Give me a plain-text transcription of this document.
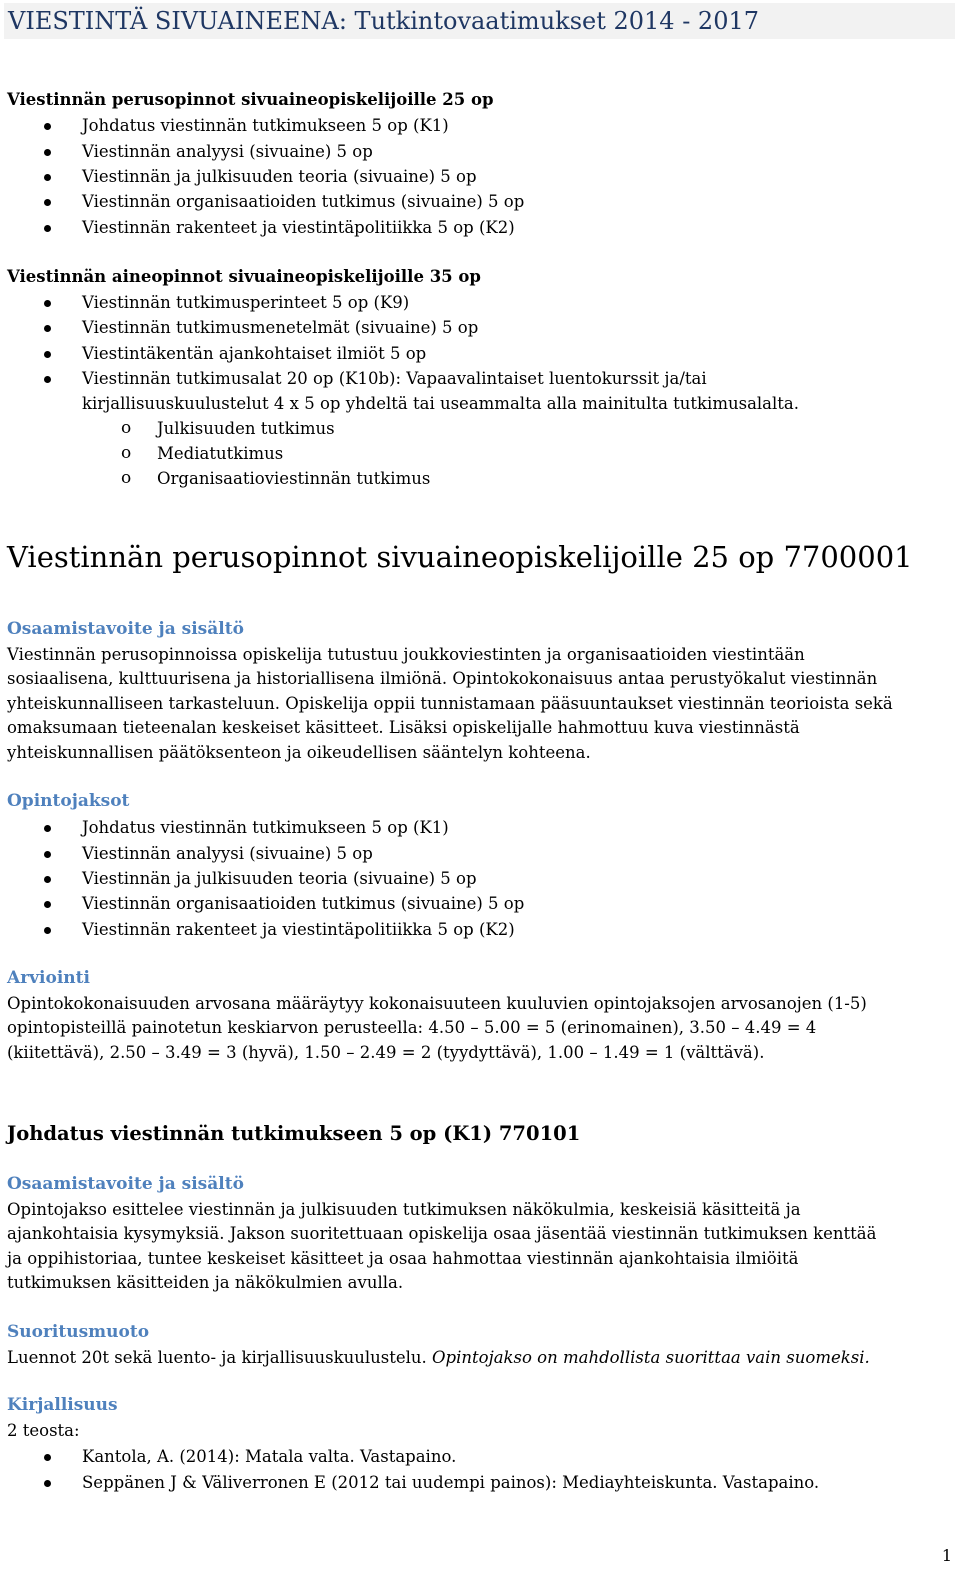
VIESTINTÄ SIVUAINEENA: Tutkintovaatimukset 2014 - 2017
Viestinnän perusopinnot sivuaineopiskelijoille 25 op
Johdatus viestinnän tutkimukseen 5 op (K1)
Viestinnän analyysi (sivuaine) 5 op
Viestinnän ja julkisuuden teoria (sivuaine) 5 op
Viestinnän organisaatioiden tutkimus (sivuaine) 5 op
Viestinnän rakenteet ja viestintäpolitiikka 5 op (K2)
Viestinnän aineopinnot sivuaineopiskelijoille 35 op
Viestinnän tutkimusperinteet 5 op (K9)
Viestinnän tutkimusmenetelmät (sivuaine) 5 op
Viestintäkentän ajankohtaiset ilmiöt 5 op
Viestinnän tutkimusalat 20 op (K10b): Vapaavalintaiset luentokurssit ja/tai
kirjallisuuskuulustelut 4 x 5 op yhdeltä tai useammalta alla mainitulta tutkimusalalta.
o Julkisuuden tutkimus
o Mediatutkimus
o Organisaatioviestinnän tutkimus
Viestinnän perusopinnot sivuaineopiskelijoille 25 op 7700001
Osaamistavoite ja sisältö
Viestinnän perusopinnoissa opiskelija tutustuu joukkoviestinten ja organisaatioiden viestintään
sosiaalisena, kulttuurisena ja historiallisena ilmiönä. Opintokokonaisuus antaa perustyökalut viestinnän
yhteiskunnalliseen tarkasteluun. Opiskelija oppii tunnistamaan pääsuuntaukset viestinnän teorioista sekä
omaksumaan tieteenalan keskeiset käsitteet. Lisäksi opiskelijalle hahmottuu kuva viestinnästä
yhteiskunnallisen päätöksenteon ja oikeudellisen sääntelyn kohteena.
Opintojaksot
Johdatus viestinnän tutkimukseen 5 op (K1)
Viestinnän analyysi (sivuaine) 5 op
Viestinnän ja julkisuuden teoria (sivuaine) 5 op
Viestinnän organisaatioiden tutkimus (sivuaine) 5 op
Viestinnän rakenteet ja viestintäpolitiikka 5 op (K2)
Arviointi
Opintokokonaisuuden arvosana määräytyy kokonaisuuteen kuuluvien opintojaksojen arvosanojen (1-5)
opintopisteillä painotetun keskiarvon perusteella: 4.50 – 5.00 = 5 (erinomainen), 3.50 – 4.49 = 4
(kiitettävä), 2.50 – 3.49 = 3 (hyvä), 1.50 – 2.49 = 2 (tyydyttävä), 1.00 – 1.49 = 1 (välttävä).
Johdatus viestinnän tutkimukseen 5 op (K1) 770101
Osaamistavoite ja sisältö
Opintojakso esittelee viestinnän ja julkisuuden tutkimuksen näkökulmia, keskeisiä käsitteitä ja
ajankohtaisia kysymyksiä. Jakson suoritettuaan opiskelija osaa jäsentää viestinnän tutkimuksen kenttää
ja oppihistoriaa, tuntee keskeiset käsitteet ja osaa hahmottaa viestinnän ajankohtaisia ilmiöitä
tutkimuksen käsitteiden ja näkökulmien avulla.
Suoritusmuoto
Luennot 20t sekä luento- ja kirjallisuuskuulustelu. Opintojakso on mahdollista suorittaa vain suomeksi.
Kirjallisuus
2 teosta:
Kantola, A. (2014): Matala valta. Vastapaino.
Seppänen J & Väliverronen E (2012 tai uudempi painos): Mediayhteiskunta. Vastapaino.
1
